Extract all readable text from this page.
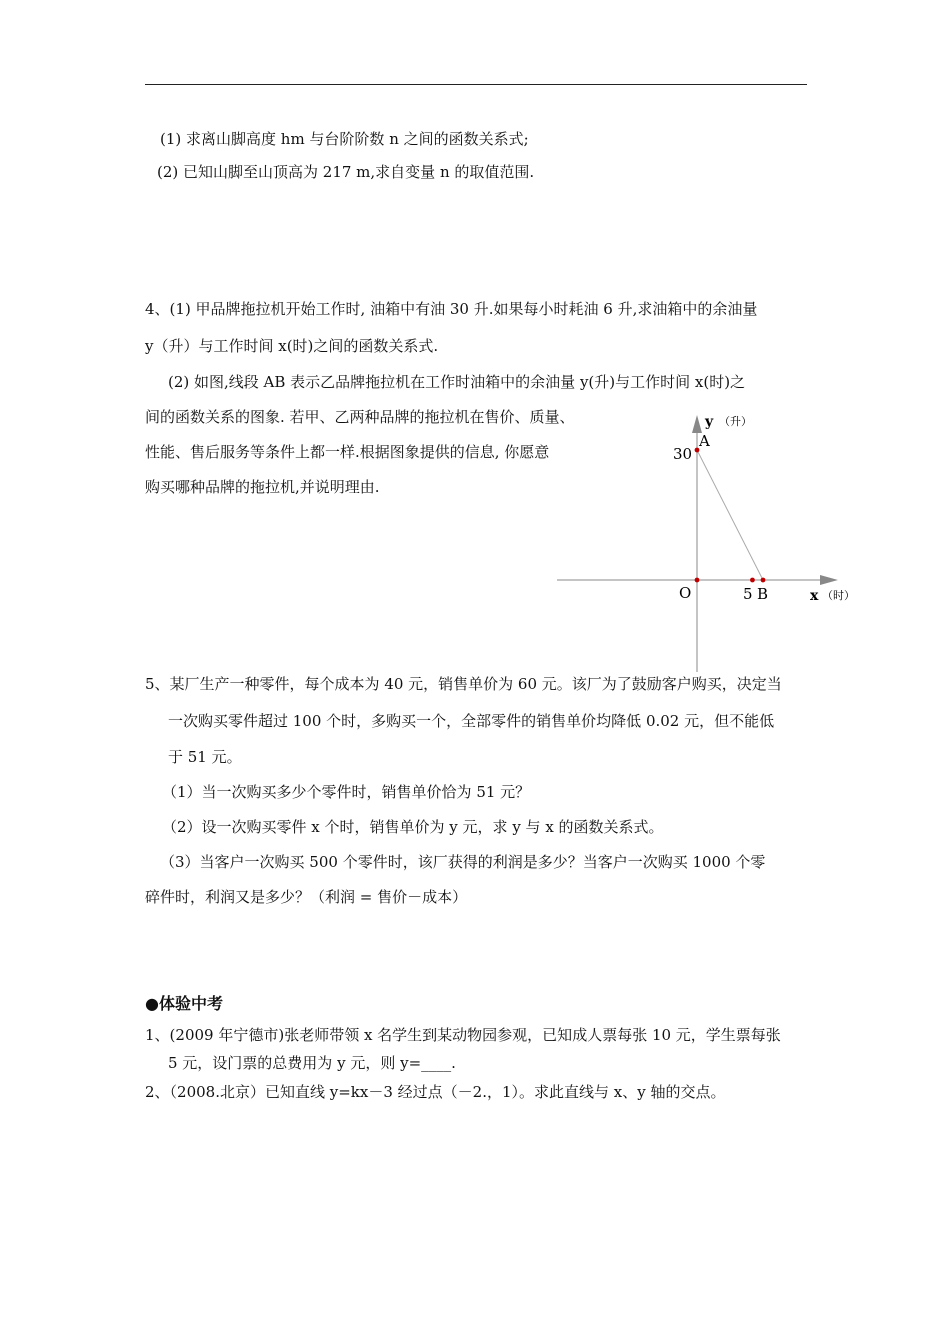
(1) 求离山脚高度 hm 与台阶阶数 n 之间的函数关系式;
(2) 已知山脚至山顶高为 217 m,求自变量 n 的取值范围.
4、(1) 甲品牌拖拉机开始工作时, 油箱中有油 30 升.如果每小时耗油 6 升,求油箱中的余油量
y（升）与工作时间 x(时)之间的函数关系式.
(2) 如图,线段 AB 表示乙品牌拖拉机在工作时油箱中的余油量 y(升)与工作时间 x(时)之
间的函数关系的图象. 若甲、乙两种品牌的拖拉机在售价、质量、
性能、售后服务等条件上都一样.根据图象提供的信息, 你愿意
购买哪种品牌的拖拉机,并说明理由.
y （升）
A
30
O	5 B	x （时）
5、某厂生产一种零件，每个成本为 40 元，销售单价为 60 元。该厂为了鼓励客户购买，决定当
一次购买零件超过 100 个时，多购买一个，全部零件的销售单价均降低 0.02 元，但不能低
于 51 元。
（1）当一次购买多少个零件时，销售单价恰为 51 元？
（2）设一次购买零件 x 个时，销售单价为 y 元，求 y 与 x 的函数关系式。
（3）当客户一次购买 500 个零件时，该厂获得的利润是多少？当客户一次购买 1000 个零
碎件时，利润又是多少？（利润 = 售价－成本）
●体验中考
1、(2009 年宁德市)张老师带领 x 名学生到某动物园参观，已知成人票每张 10 元，学生票每张
5 元，设门票的总费用为 y 元，则 y=____.
2、（2008.北京）已知直线 y=kx－3 经过点（－2.，1）。求此直线与 x、y 轴的交点。
